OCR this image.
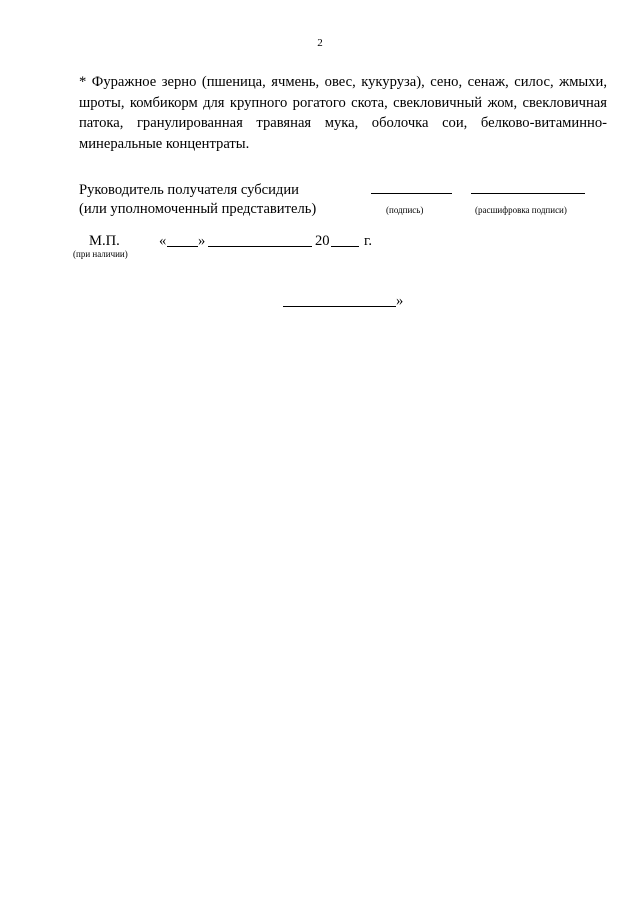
2

* Фуражное зерно (пшеница, ячмень, овес, кукуруза), сено, сенаж, силос, жмыхи, шроты, комбикорм для крупного рогатого скота, свекловичный жом, свекловичная патока, гранулированная травяная мука, оболочка сои, белково-витаминно-минеральные концентраты.

Руководитель получателя субсидии
(или уполномоченный представитель)	(подпись)	(расшифровка подписи)
М.П.
(при наличии)
« »	20 г.
»
